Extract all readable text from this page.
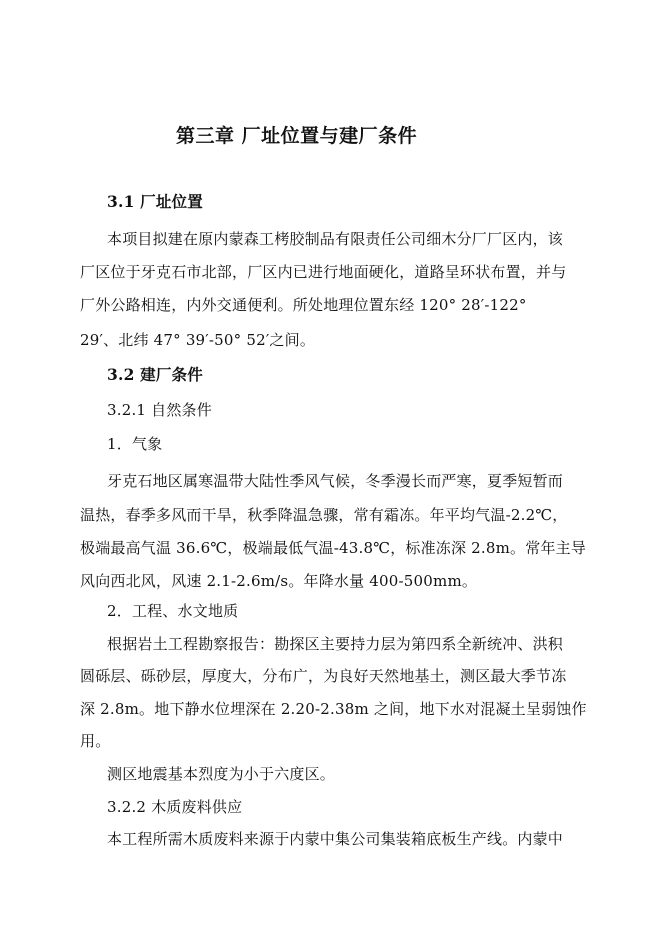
第三章 厂址位置与建厂条件
3.1 厂址位置
本项目拟建在原内蒙森工栲胶制品有限责任公司细木分厂厂区内，该
厂区位于牙克石市北部，厂区内已进行地面硬化，道路呈环状布置，并与
厂外公路相连，内外交通便利。所处地理位置东经 120° 28′-122°
29′、北纬 47° 39′-50° 52′之间。
3.2 建厂条件
3.2.1 自然条件
1．气象
牙克石地区属寒温带大陆性季风气候，冬季漫长而严寒，夏季短暂而
温热，春季多风而干旱，秋季降温急骤，常有霜冻。年平均气温-2.2℃，
极端最高气温 36.6℃，极端最低气温-43.8℃，标准冻深 2.8m。常年主导
风向西北风，风速 2.1-2.6m/s。年降水量 400-500mm。
2．工程、水文地质
根据岩土工程勘察报告：勘探区主要持力层为第四系全新统冲、洪积
圆砾层、砾砂层，厚度大，分布广，为良好天然地基土，测区最大季节冻
深 2.8m。地下静水位埋深在 2.20-2.38m 之间，地下水对混凝土呈弱蚀作
用。
测区地震基本烈度为小于六度区。
3.2.2 木质废料供应
本工程所需木质废料来源于内蒙中集公司集装箱底板生产线。内蒙中
